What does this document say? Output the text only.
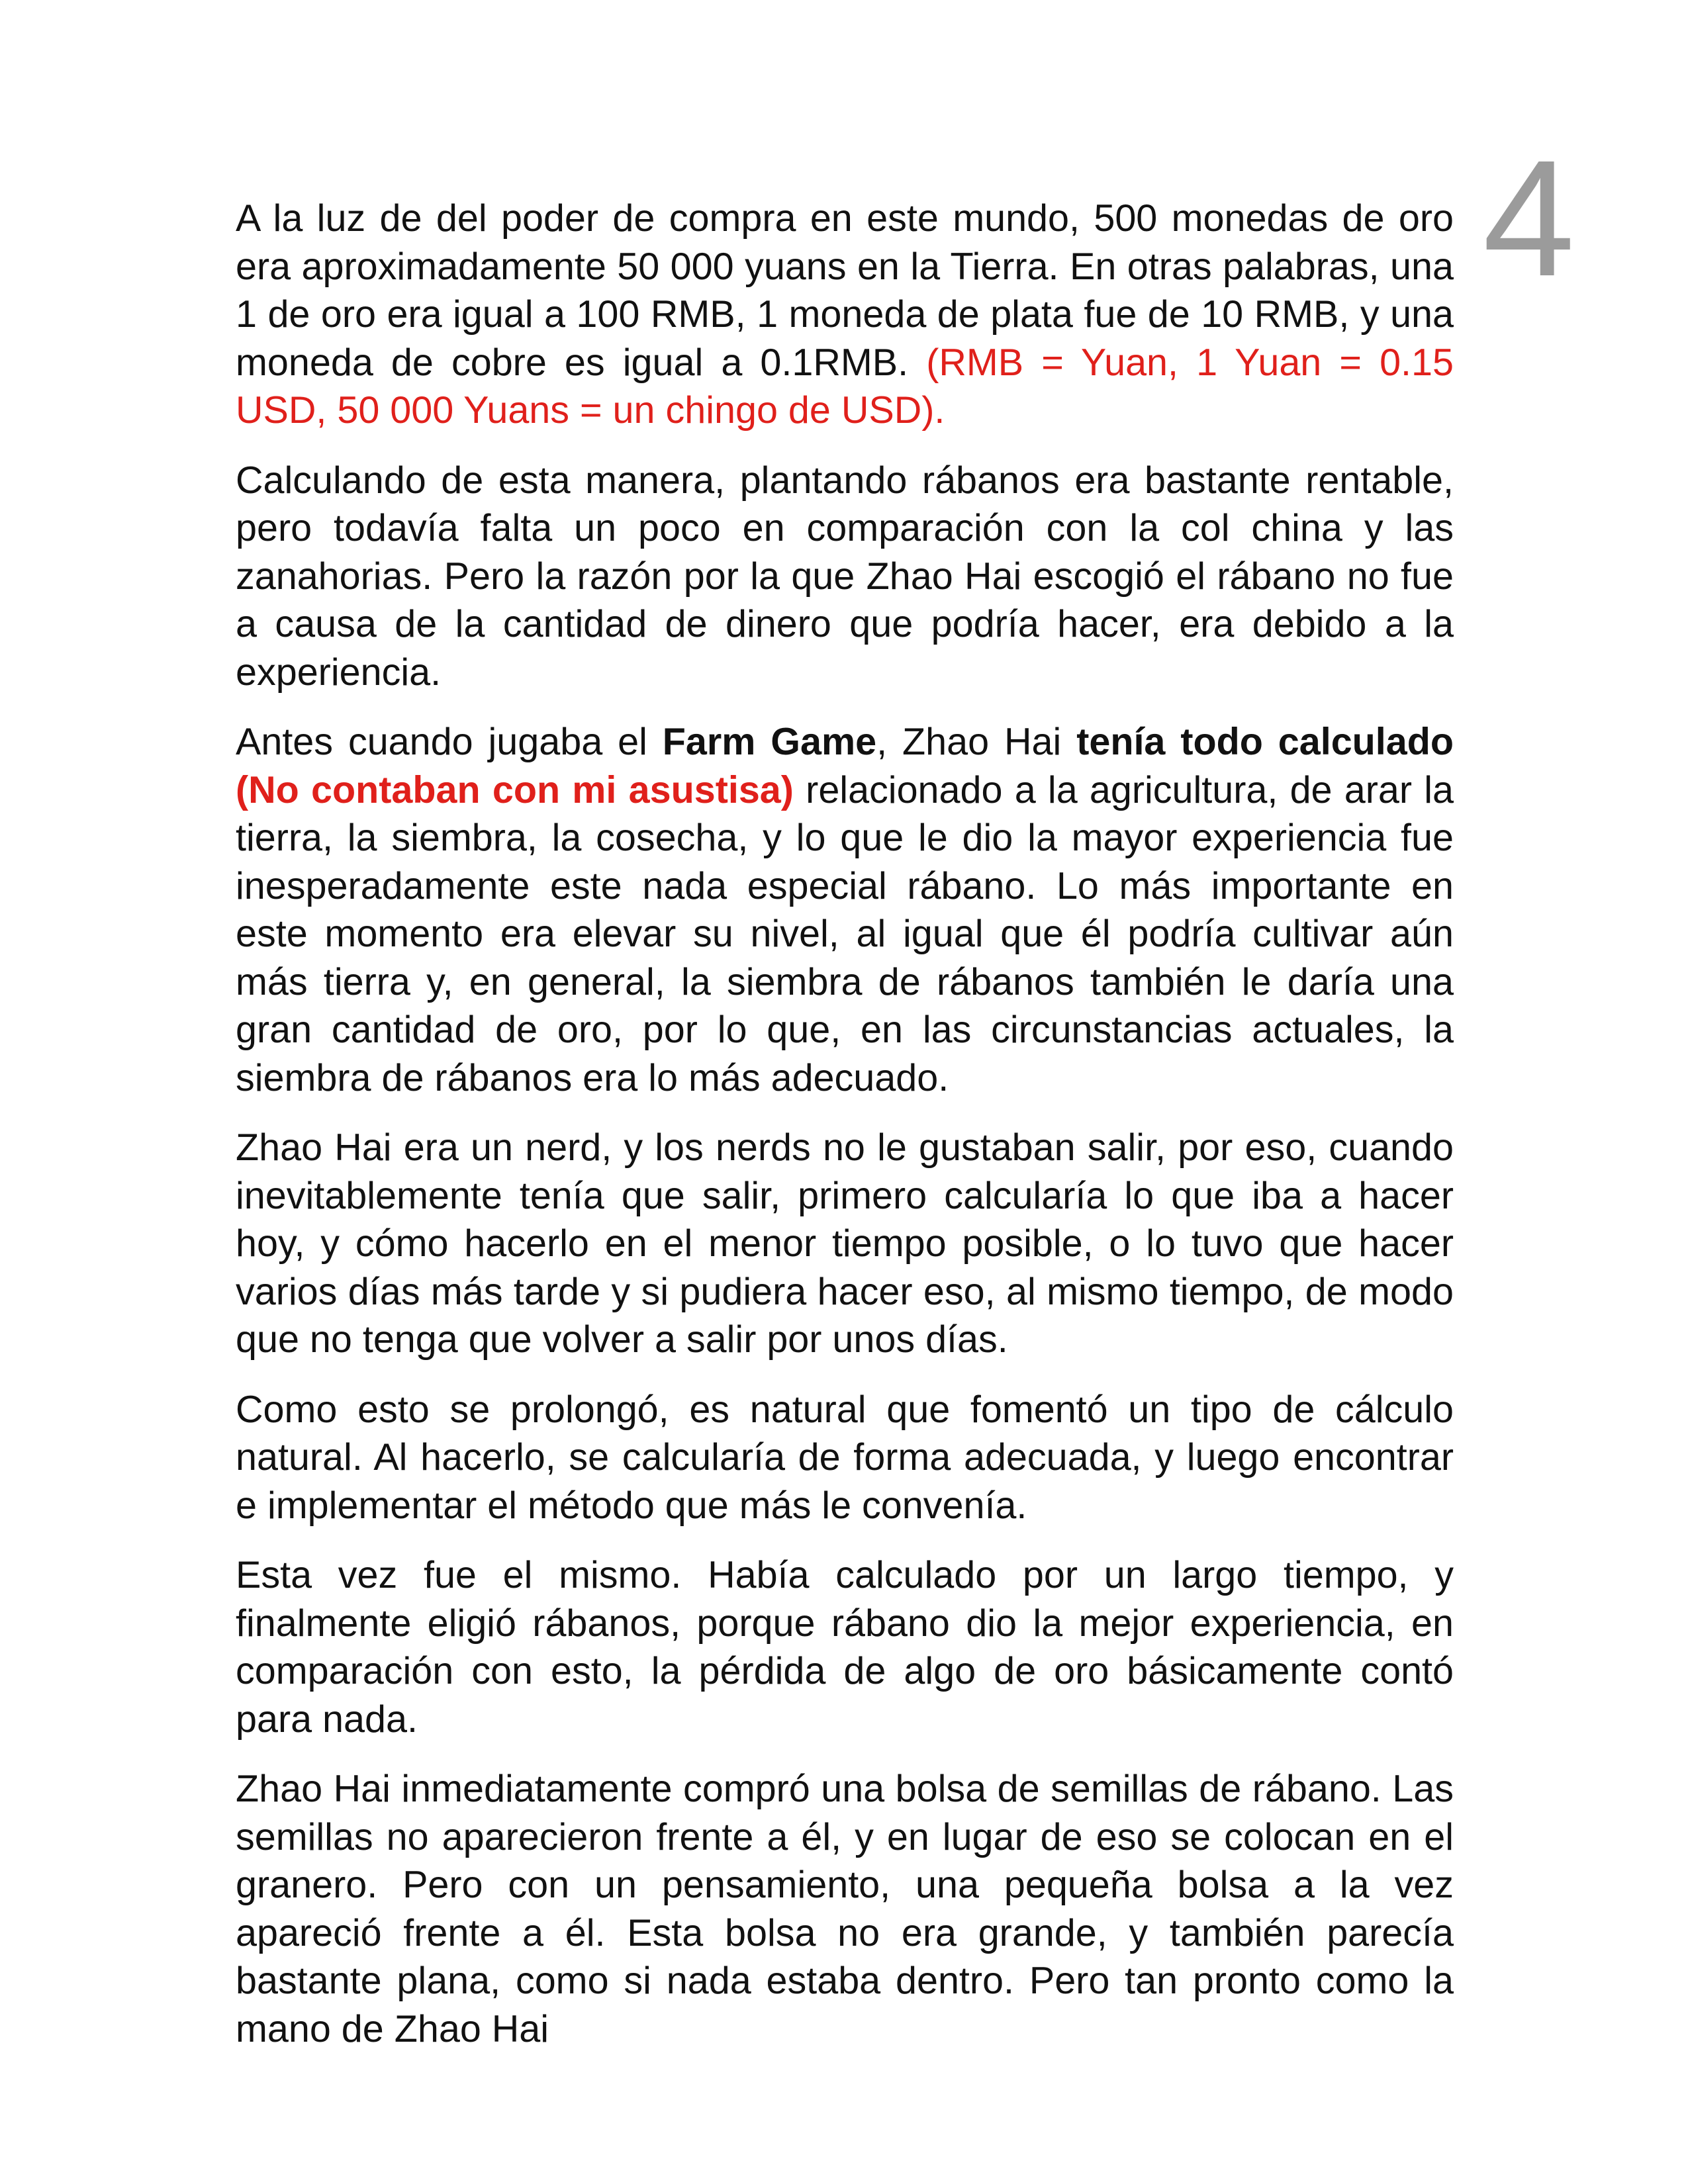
4

A la luz de del poder de compra en este mundo, 500 monedas de oro era aproximadamente 50 000 yuans en la Tierra. En otras palabras, una 1 de oro era igual a 100 RMB, 1 moneda de plata fue de 10 RMB, y una moneda de cobre es igual a 0.1RMB. (RMB = Yuan, 1 Yuan = 0.15 USD, 50 000 Yuans = un chingo de USD).

Calculando de esta manera, plantando rábanos era bastante rentable, pero todavía falta un poco en comparación con la col china y las zanahorias. Pero la razón por la que Zhao Hai escogió el rábano no fue a causa de la cantidad de dinero que podría hacer, era debido a la experiencia.

Antes cuando jugaba el Farm Game, Zhao Hai tenía todo calculado (No contaban con mi asustisa) relacionado a la agricultura, de arar la tierra, la siembra, la cosecha, y lo que le dio la mayor experiencia fue inesperadamente este nada especial rábano. Lo más importante en este momento era elevar su nivel, al igual que él podría cultivar aún más tierra y, en general, la siembra de rábanos también le daría una gran cantidad de oro, por lo que, en las circunstancias actuales, la siembra de rábanos era lo más adecuado.

Zhao Hai era un nerd, y los nerds no le gustaban salir, por eso, cuando inevitablemente tenía que salir, primero calcularía lo que iba a hacer hoy, y cómo hacerlo en el menor tiempo posible, o lo tuvo que hacer varios días más tarde y si pudiera hacer eso, al mismo tiempo, de modo que no tenga que volver a salir por unos días.

Como esto se prolongó, es natural que fomentó un tipo de cálculo natural. Al hacerlo, se calcularía de forma adecuada, y luego encontrar e implementar el método que más le convenía.

Esta vez fue el mismo. Había calculado por un largo tiempo, y finalmente eligió rábanos, porque rábano dio la mejor experiencia, en comparación con esto, la pérdida de algo de oro básicamente contó para nada.

Zhao Hai inmediatamente compró una bolsa de semillas de rábano. Las semillas no aparecieron frente a él, y en lugar de eso se colocan en el granero. Pero con un pensamiento, una pequeña bolsa a la vez apareció frente a él. Esta bolsa no era grande, y también parecía bastante plana, como si nada estaba dentro. Pero tan pronto como la mano de Zhao Hai
